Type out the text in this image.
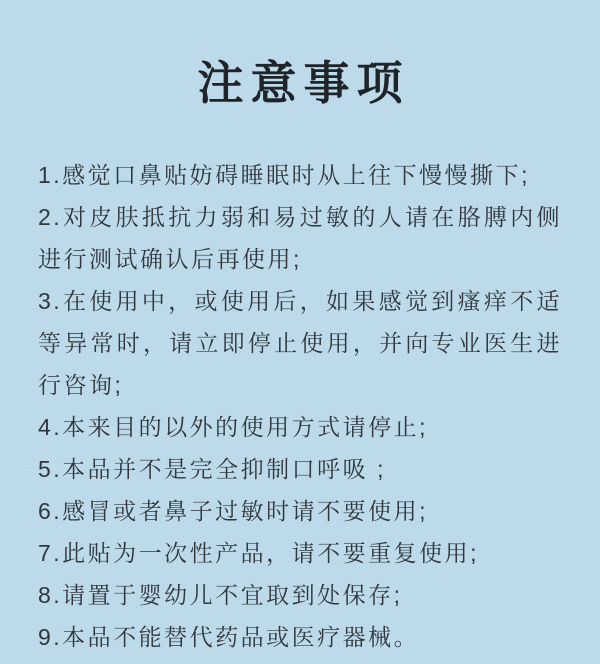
注意事项

1.感觉口鼻贴妨碍睡眠时从上往下慢慢撕下;

2.对皮肤抵抗力弱和易过敏的人请在胳膊内侧进行测试确认后再使用;

3.在使用中，或使用后，如果感觉到瘙痒不适等异常时，请立即停止使用，并向专业医生进行咨询;

4.本来目的以外的使用方式请停止;

5.本品并不是完全抑制口呼吸 ;

6.感冒或者鼻子过敏时请不要使用;

7.此贴为一次性产品，请不要重复使用;

8.请置于婴幼儿不宜取到处保存;

9.本品不能替代药品或医疗器械。
